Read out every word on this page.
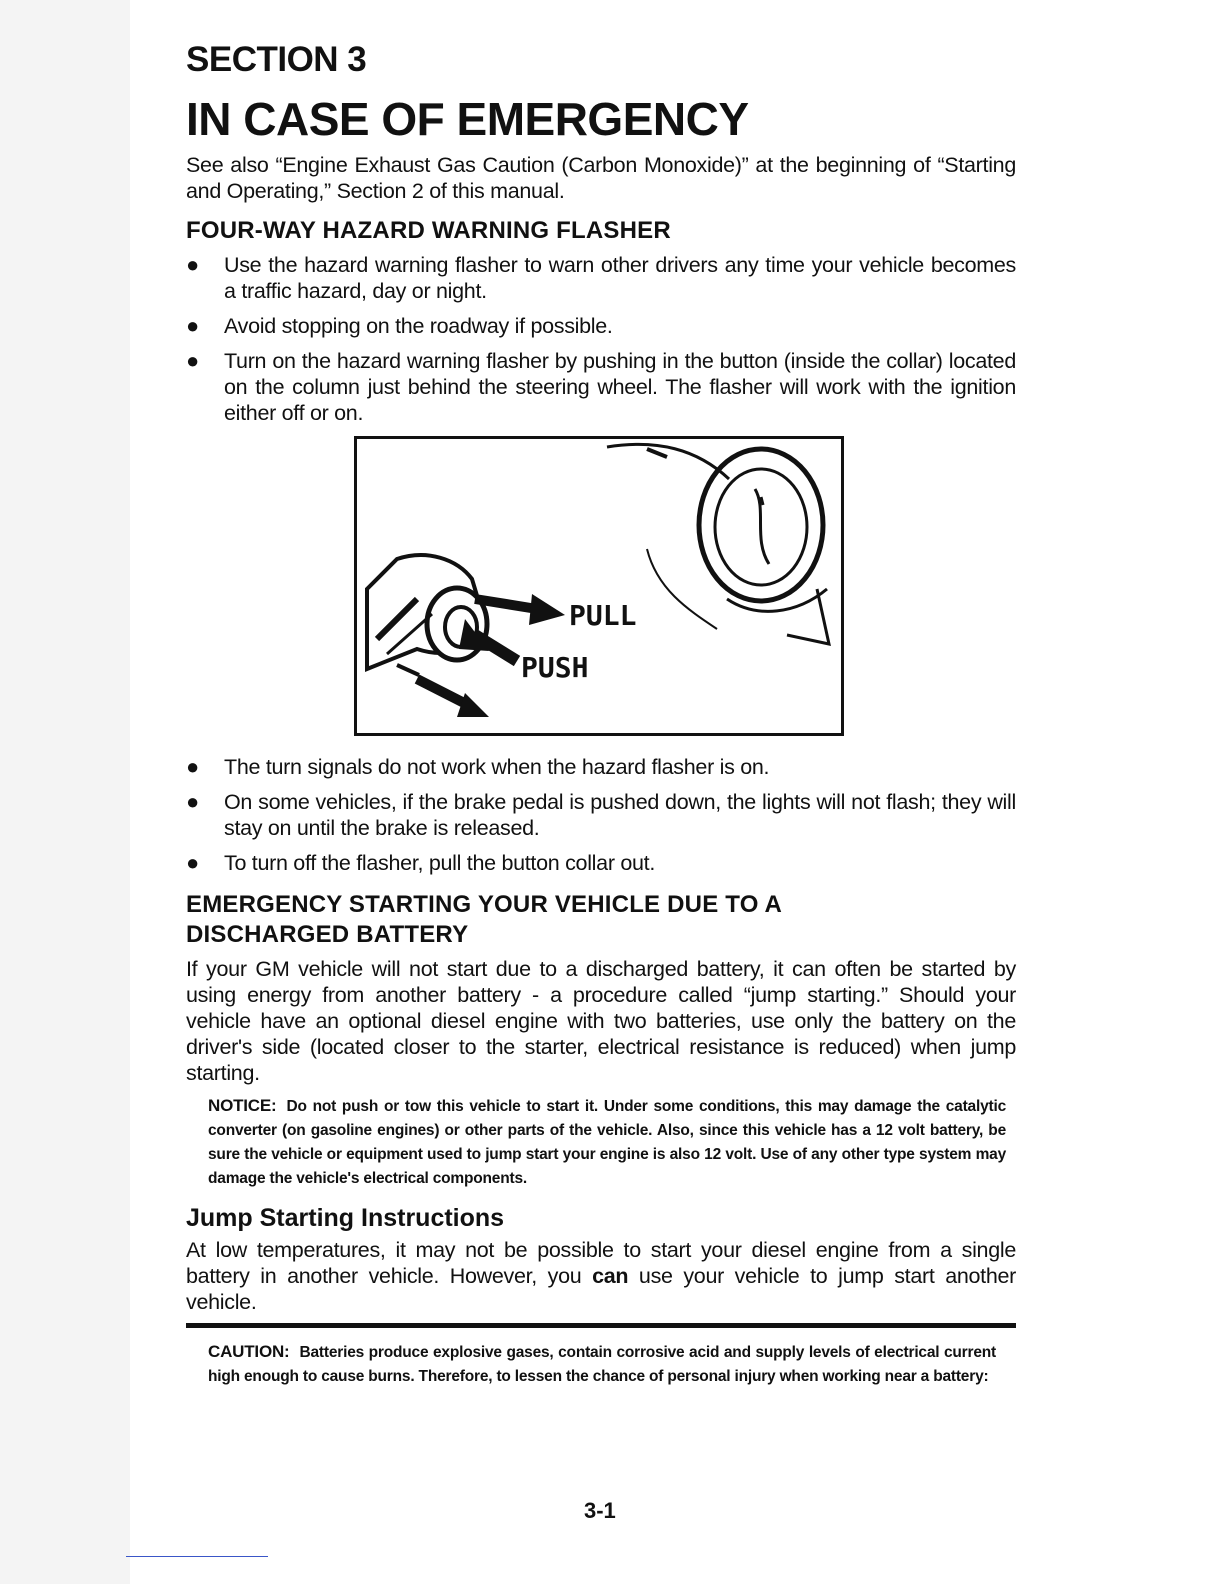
SECTION 3
IN CASE OF EMERGENCY

See also “Engine Exhaust Gas Caution (Carbon Monoxide)” at the beginning of “Starting and Operating,” Section 2 of this manual.

FOUR-WAY HAZARD WARNING FLASHER
● Use the hazard warning flasher to warn other drivers any time your vehicle becomes a traffic hazard, day or night.
● Avoid stopping on the roadway if possible.
● Turn on the hazard warning flasher by pushing in the button (inside the collar) located on the column just behind the steering wheel. The flasher will work with the ignition either off or on.
PULL
PUSH
● The turn signals do not work when the hazard flasher is on.
● On some vehicles, if the brake pedal is pushed down, the lights will not flash; they will stay on until the brake is released.
● To turn off the flasher, pull the button collar out.
EMERGENCY STARTING YOUR VEHICLE DUE TO A
DISCHARGED BATTERY

If your GM vehicle will not start due to a discharged battery, it can often be started by using energy from another battery - a procedure called “jump starting.” Should your vehicle have an optional diesel engine with two batteries, use only the battery on the driver's side (located closer to the starter, electrical resistance is reduced) when jump starting.

NOTICE: Do not push or tow this vehicle to start it. Under some conditions, this may damage the catalytic converter (on gasoline engines) or other parts of the vehicle. Also, since this vehicle has a 12 volt battery, be sure the vehicle or equipment used to jump start your engine is also 12 volt. Use of any other type system may damage the vehicle's electrical components.

Jump Starting Instructions

At low temperatures, it may not be possible to start your diesel engine from a single battery in another vehicle. However, you can use your vehicle to jump start another vehicle.

CAUTION: Batteries produce explosive gases, contain corrosive acid and supply levels of electrical current high enough to cause burns. Therefore, to lessen the chance of personal injury when working near a battery:

3-1
